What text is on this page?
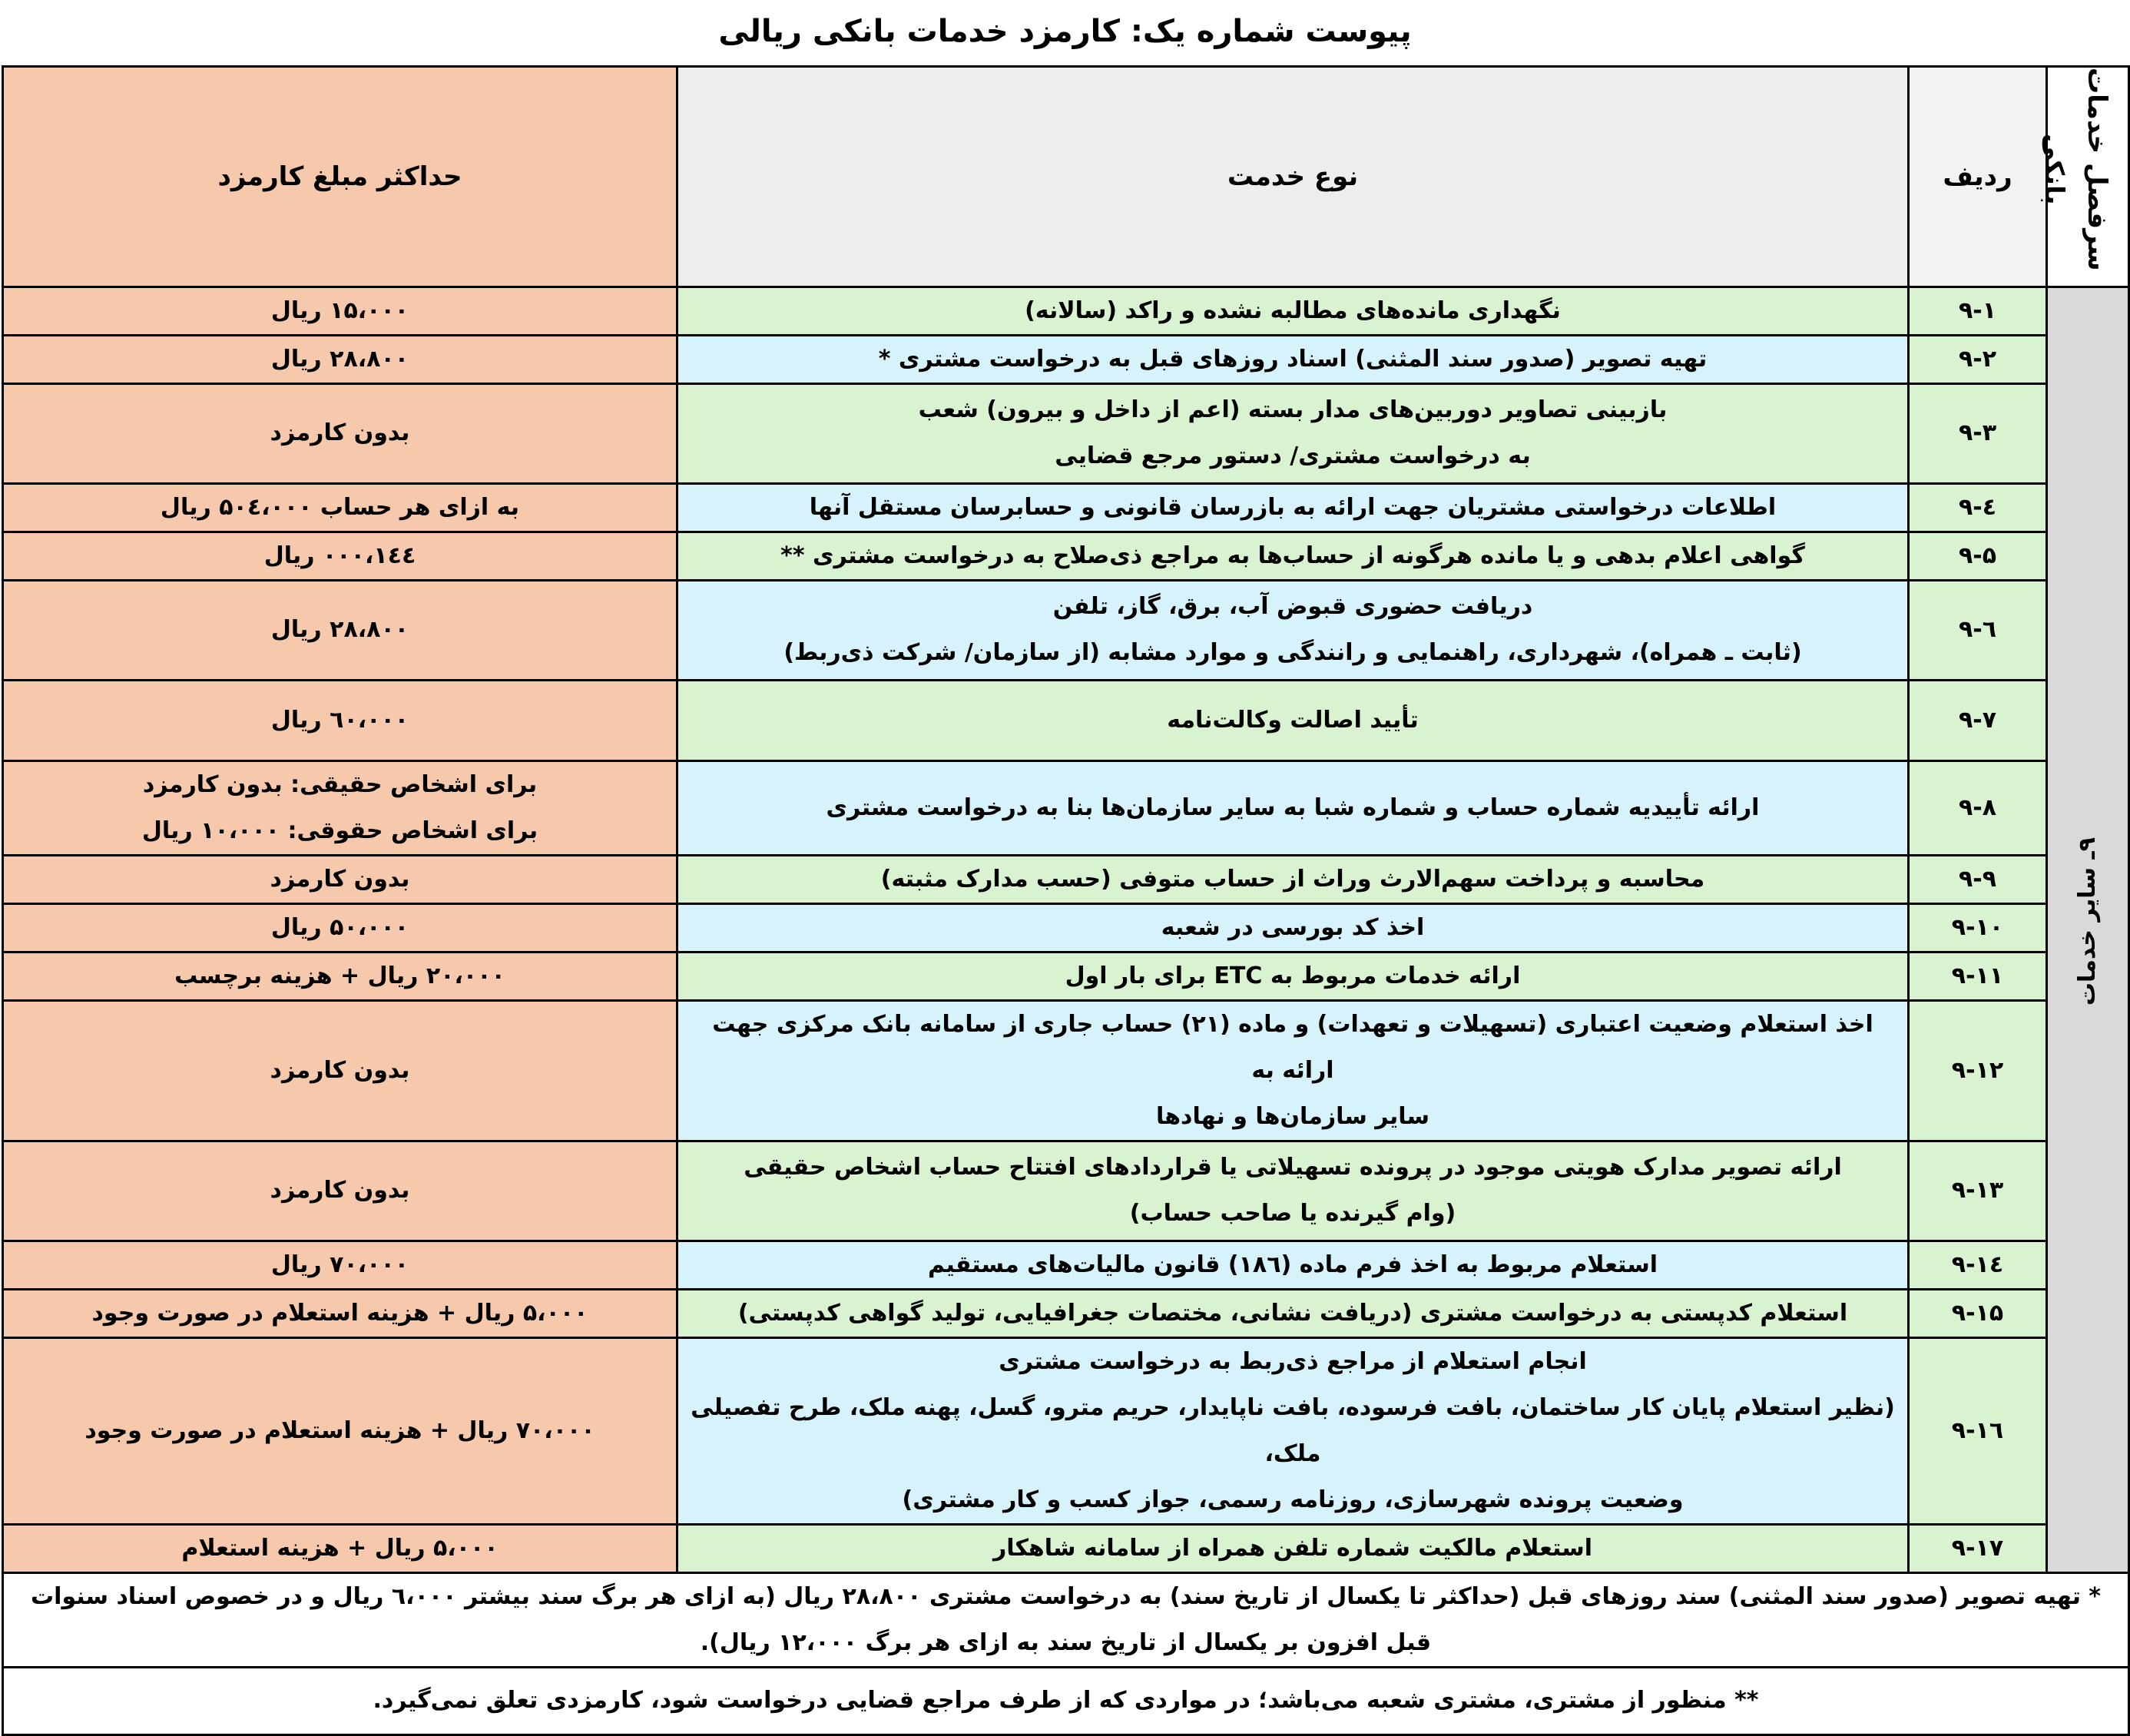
پیوست شماره یک: کارمزد خدمات بانکی ریالی
سرفصل خدمات
بانکی	ردیف	نوع خدمت	حداکثر مبلغ کارمزد
۹ـ سایر خدمات	۹-۱	نگهداری مانده‌های مطالبه نشده و راکد (سالانه)	۱۵،۰۰۰ ریال

	۹-۲	تهیه تصویر (صدور سند المثنی) اسناد روزهای قبل به درخواست مشتری *	۲۸،۸۰۰ ریال

	۹-۳	بازبینی تصاویر دوربین‌های مدار بسته (اعم از داخل و بیرون) شعب
به درخواست مشتری/ دستور مرجع قضایی	بدون کارمزد

	۹-٤	اطلاعات درخواستی مشتریان جهت ارائه به بازرسان قانونی و حسابرسان مستقل آنها	به ازای هر حساب ۵۰٤،۰۰۰ ریال

	۹-۵	گواهی اعلام بدهی و یا مانده هرگونه از حساب‌ها به مراجع ذی‌صلاح به درخواست مشتری **	۱٤٤،۰۰۰ ریال

	۹-٦	دریافت حضوری قبوض آب، برق، گاز، تلفن
(ثابت ـ همراه)، شهرداری، راهنمایی و رانندگی و موارد مشابه (از سازمان/ شرکت ذی‌ربط)	۲۸،۸۰۰ ریال

	۹-۷	تأیید اصالت وکالت‌نامه	٦۰،۰۰۰ ریال

	۹-۸	ارائه تأییدیه شماره حساب و شماره شبا به سایر سازمان‌ها بنا به درخواست مشتری	برای اشخاص حقیقی: بدون کارمزد
برای اشخاص حقوقی: ۱۰،۰۰۰ ریال

	۹-۹	محاسبه و پرداخت سهم‌الارث وراث از حساب متوفی (حسب مدارک مثبته)	بدون کارمزد

	۹-۱۰	اخذ کد بورسی در شعبه	۵۰،۰۰۰ ریال

	۹-۱۱	ارائه خدمات مربوط به ETC برای بار اول	۲۰،۰۰۰ ریال + هزینه برچسب

	۹-۱۲	اخذ استعلام وضعیت اعتباری (تسهیلات و تعهدات) و ماده (۲۱) حساب جاری از سامانه بانک مرکزی جهت ارائه به
سایر سازمان‌ها و نهادها	بدون کارمزد

	۹-۱۳	ارائه تصویر مدارک هویتی موجود در پرونده تسهیلاتی یا قراردادهای افتتاح حساب اشخاص حقیقی
(وام گیرنده یا صاحب حساب)	بدون کارمزد

	۹-۱٤	استعلام مربوط به اخذ فرم ماده (۱۸٦) قانون مالیات‌های مستقیم	۷۰،۰۰۰ ریال

	۹-۱۵	استعلام کدپستی به درخواست مشتری (دریافت نشانی، مختصات جغرافیایی، تولید گواهی کدپستی)	۵،۰۰۰ ریال + هزینه استعلام در صورت وجود

	۹-۱٦	انجام استعلام از مراجع ذی‌ربط به درخواست مشتری
(نظیر استعلام پایان کار ساختمان، بافت فرسوده، بافت ناپایدار، حریم مترو، گسل، پهنه ملک، طرح تفصیلی ملک،
وضعیت پرونده شهرسازی، روزنامه رسمی، جواز کسب و کار مشتری)	۷۰،۰۰۰ ریال + هزینه استعلام در صورت وجود

	۹-۱۷	استعلام مالکیت شماره تلفن همراه از سامانه شاهکار	۵،۰۰۰ ریال + هزینه استعلام

* تهیه تصویر (صدور سند المثنی) سند روزهای قبل (حداکثر تا یکسال از تاریخ سند) به درخواست مشتری ۲۸،۸۰۰ ریال (به ازای هر برگ سند بیشتر ٦،۰۰۰ ریال و در خصوص اسناد سنوات قبل افزون بر یکسال از تاریخ سند به ازای هر برگ ۱۲،۰۰۰ ریال).			
** منظور از مشتری، مشتری شعبه می‌باشد؛ در مواردی که از طرف مراجع قضایی درخواست شود، کارمزدی تعلق نمی‌گیرد.			
